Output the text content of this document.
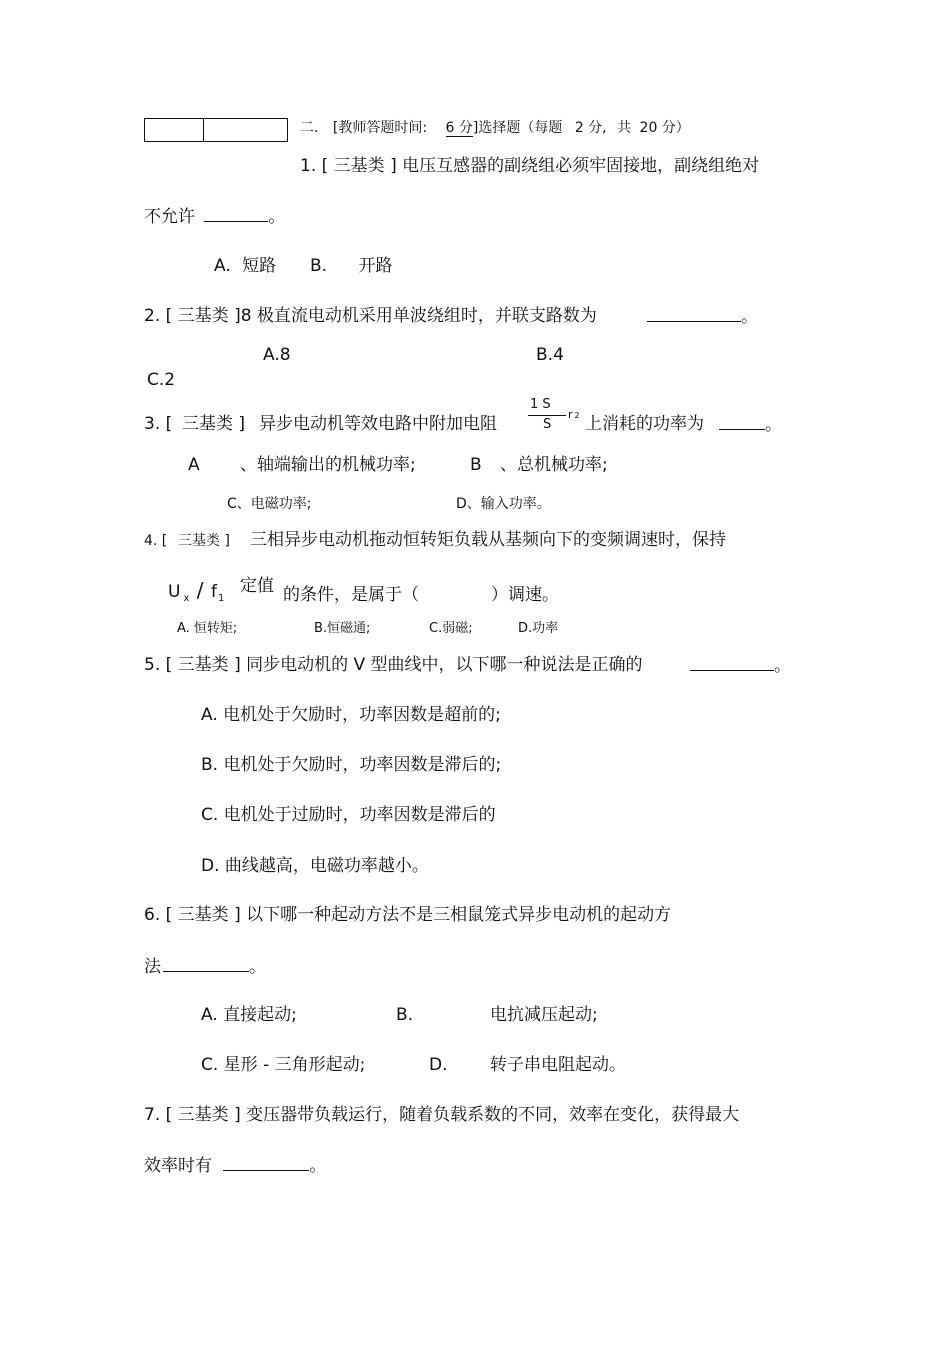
二. [教师答题时间: 6 分]选择题（每题 2 分, 共 20 分）
1. [ 三基类 ] 电压互感器的副绕组必须牢固接地，副绕组绝对
不允许	。
A. 短路 B. 开路
2. [ 三基类 ]8 极直流电动机采用单波绕组时，并联支路数为	。
A.8	B.4
C.2
3. [ 三基类 ] 异步电动机等效电路中附加电阻
1 S
S
r 2 上消耗的功率为	。
A 、轴端输出的机械功率;	B 、总机械功率;
C、电磁功率;	D、输入功率。
4. [ 三基类 ] 三相异步电动机拖动恒转矩负载从基频向下的变频调速时，保持
U $_x / f_1$
定值 的条件，是属于（	）调速。
A. 恒转矩;	B.恒磁通;	C.弱磁;	D.功率
5. [ 三基类 ] 同步电动机的 V 型曲线中，以下哪一种说法是正确的	。
A. 电机处于欠励时，功率因数是超前的;
B. 电机处于欠励时，功率因数是滞后的;
C. 电机处于过励时，功率因数是滞后的
D. 曲线越高，电磁功率越小。
6. [ 三基类 ] 以下哪一种起动方法不是三相鼠笼式异步电动机的起动方
法	。
A. 直接起动;	B.	电抗减压起动;
C. 星形 - 三角形起动;	D.	转子串电阻起动。
7. [ 三基类 ] 变压器带负载运行，随着负载系数的不同，效率在变化，获得最大
效率时有	。
